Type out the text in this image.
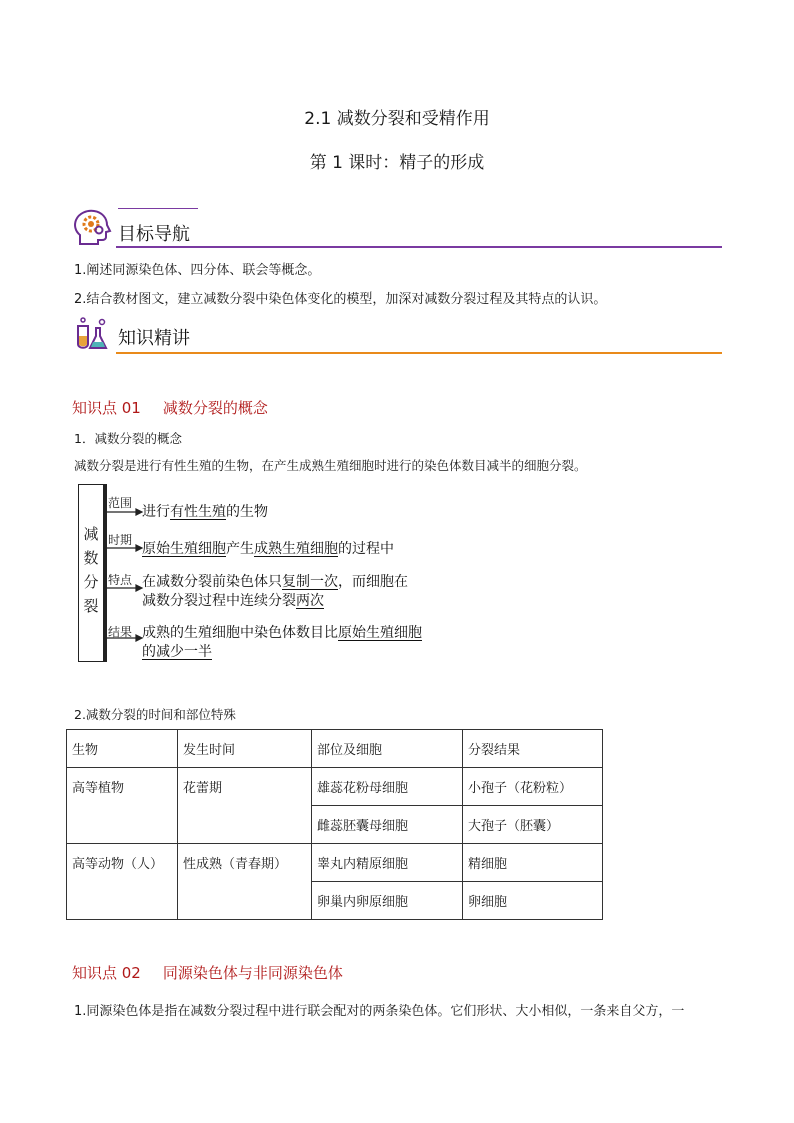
2.1 减数分裂和受精作用
第 1 课时：精子的形成
目标导航
1.阐述同源染色体、四分体、联会等概念。
2.结合教材图文，建立减数分裂中染色体变化的模型，加深对减数分裂过程及其特点的认识。
知识精讲
知识点 01 减数分裂的概念
1．减数分裂的概念
减数分裂是进行有性生殖的生物，在产生成熟生殖细胞时进行的染色体数目减半的细胞分裂。
减
数
分
裂
范围
进行有性生殖的生物
时期
原始生殖细胞产生成熟生殖细胞的过程中
特点 在减数分裂前染色体只复制一次，而细胞在
减数分裂过程中连续分裂两次
结果 成熟的生殖细胞中染色体数目比原始生殖细胞
的减少一半
2.减数分裂的时间和部位特殊
生物	发生时间	部位及细胞	分裂结果
高等植物	花蕾期	雄蕊花粉母细胞	小孢子（花粉粒）
		雌蕊胚囊母细胞	大孢子（胚囊）
高等动物（人）	性成熟（青春期）	睾丸内精原细胞	精细胞
		卵巢内卵原细胞	卵细胞
知识点 02 同源染色体与非同源染色体
1.同源染色体是指在减数分裂过程中进行联会配对的两条染色体。它们形状、大小相似，一条来自父方，一
